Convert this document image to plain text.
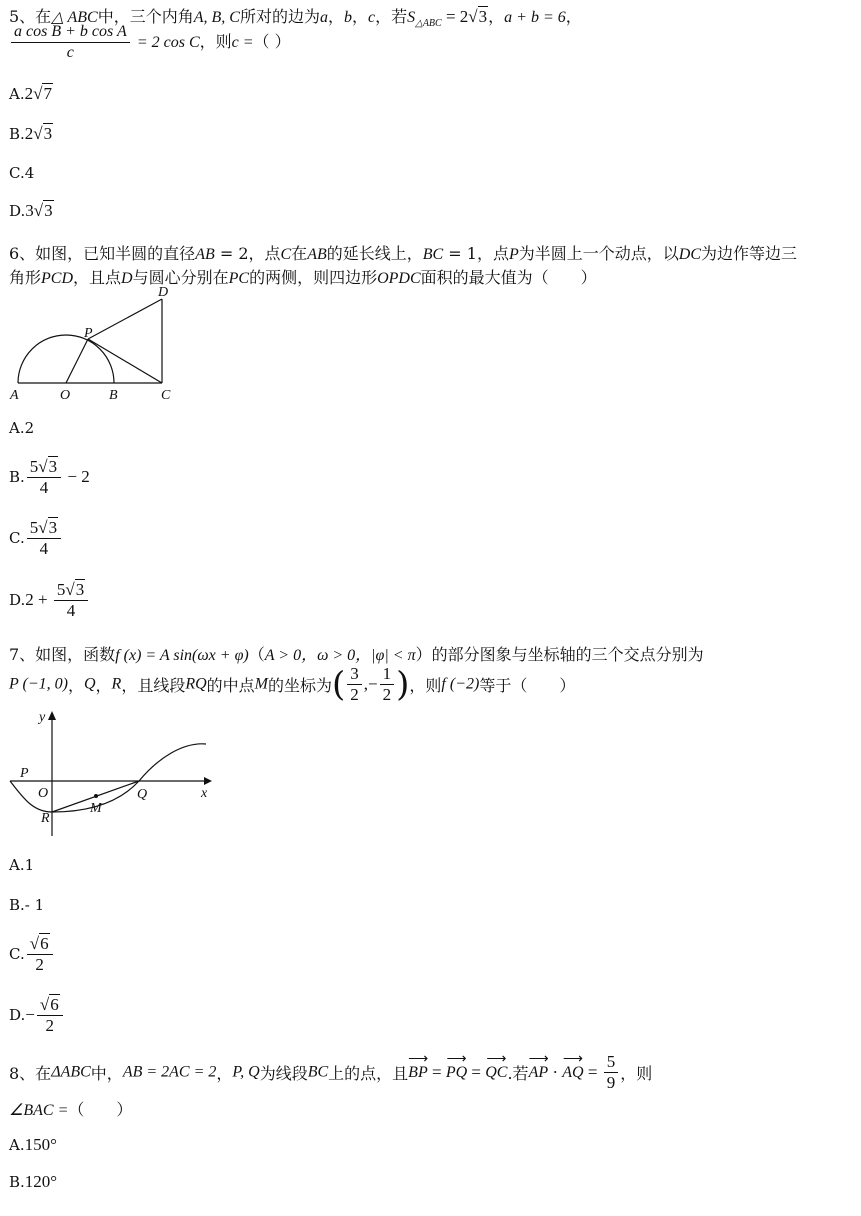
5、在△ ABC中，三个内角A, B, C所对的边为a，b，c，若$S_{\triangle ABC} = 2√3$，a + b = 6，
$\frac{\text{a cos B + b cos A}}{c} = 2$ cos C，则c =（ ）
A.2√7
B.2√3
C.4
D.3√3
6、如图，已知半圆的直径AB = 2，点C在AB的延长线上，BC = 1，点P为半圆上一个动点，以DC为边作等边三
角形PCD，且点D与圆心分别在PC的两侧，则四边形OPDC面积的最大值为（　　）
A	O	B	C
P
D
A.2
B. $\frac{5√3}{4} - 2$
C. $\frac{5√3}{4}$
$D.2 + \frac{5√3}{4}$
7、如图，函数f (x) = A sin(ωx + φ)（A > 0，ω > 0，|φ| < π）的部分图象与坐标轴的三个交点分别为
P (−1, 0)，Q，R，且线段RQ的中点M的坐标为( $\frac{3}{2}$ ,− $\frac{1}{2}$ )，则f (−2)等于（　　）
y
x
P
O
R
M
Q
A.1
B.- 1
C. $\frac{√6}{2}$
$D.- \frac{√6}{2}$
8、在ΔABC中，AB = 2AC = 2，P, Q为线段BC上的点，且⟶ BP = ⟶ PQ = ⟶ QC.若⟶ AP · ⟶ AQ = $\frac{5}{9}$ ，则
∠BAC =（　　）
A.150°
B.120°
